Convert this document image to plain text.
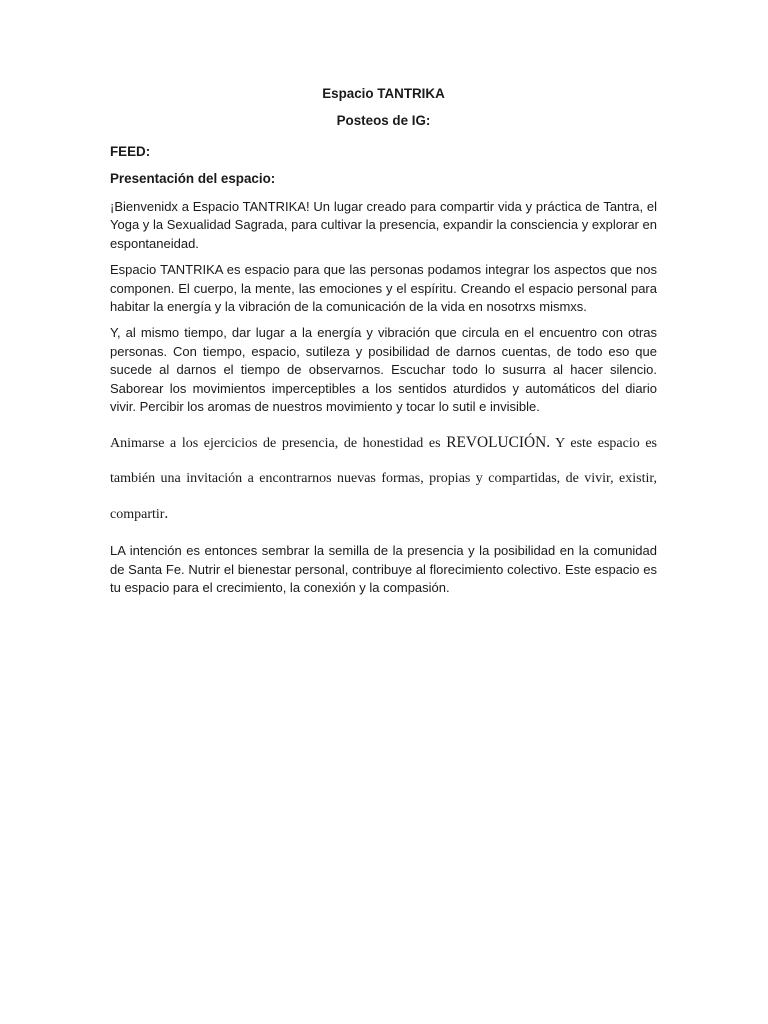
Espacio TANTRIKA

Posteos de IG:

FEED:

Presentación del espacio:

¡Bienvenidx a Espacio TANTRIKA! Un lugar creado para compartir vida y práctica de Tantra, el Yoga y la Sexualidad Sagrada, para cultivar la presencia, expandir la consciencia y explorar en espontaneidad.

Espacio TANTRIKA es espacio para que las personas podamos integrar los aspectos que nos componen. El cuerpo, la mente, las emociones y el espíritu. Creando el espacio personal para habitar la energía y la vibración de la comunicación de la vida en nosotrxs mismxs.

Y, al mismo tiempo, dar lugar a la energía y vibración que circula en el encuentro con otras personas. Con tiempo, espacio, sutileza y posibilidad de darnos cuentas, de todo eso que sucede al darnos el tiempo de observarnos. Escuchar todo lo susurra al hacer silencio. Saborear los movimientos imperceptibles a los sentidos aturdidos y automáticos del diario vivir. Percibir los aromas de nuestros movimiento y tocar lo sutil e invisible.

Animarse a los ejercicios de presencia, de honestidad es REVOLUCIÓN. Y este espacio es también una invitación a encontrarnos nuevas formas, propias y compartidas, de vivir, existir, compartir.

LA intención es entonces sembrar la semilla de la presencia y la posibilidad en la comunidad de Santa Fe. Nutrir el bienestar personal, contribuye al florecimiento colectivo. Este espacio es tu espacio para el crecimiento, la conexión y la compasión.
